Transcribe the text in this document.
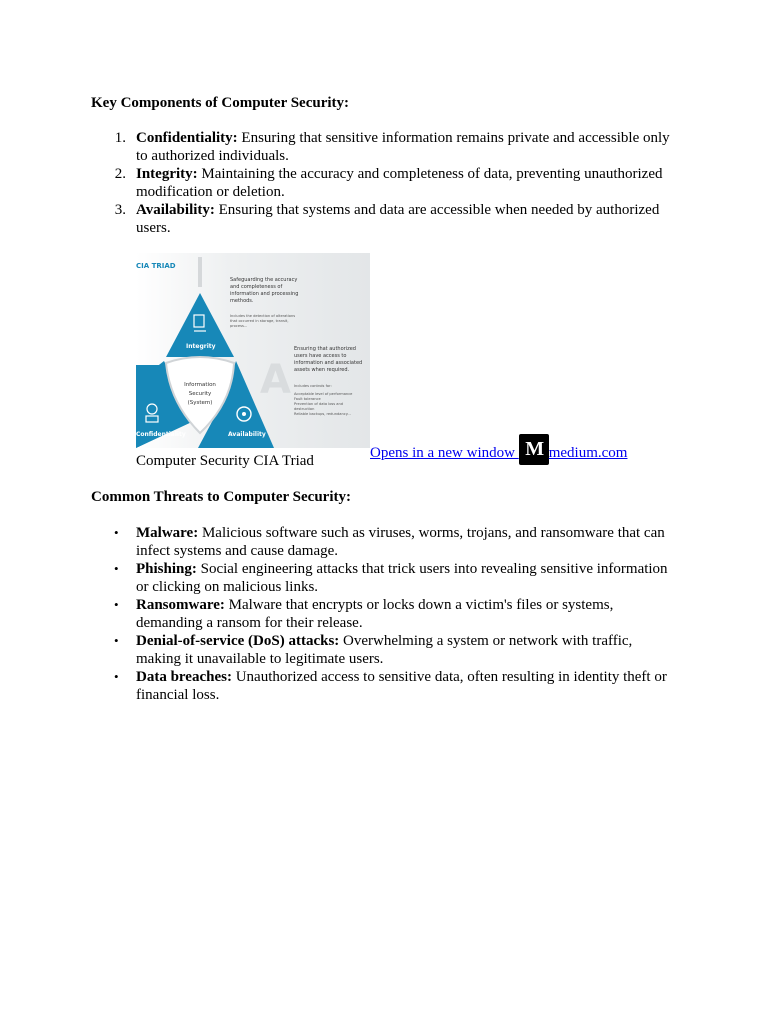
Key Components of Computer Security:
1. Confidentiality: Ensuring that sensitive information remains private and accessible only to authorized individuals.
2. Integrity: Maintaining the accuracy and completeness of data, preventing unauthorized modification or deletion.
3. Availability: Ensuring that systems and data are accessible when needed by authorized users.
A
CIA TRIAD
Integrity
Confidentiality	Availability
Information
Security
(System)
Safeguarding the accuracy
and completeness of
information and processing
methods.
Includes the detection of alterations
that occurred in storage, transit,
process...
Ensuring that authorized
users have access to
information and associated
assets when required.
Includes controls for:
Acceptable level of performance
Fault tolerance
Prevention of data loss and
destruction
Reliable backups, redundancy...
Opens in a new window M medium.com
Computer Security CIA Triad
Common Threats to Computer Security:
•	Malware: Malicious software such as viruses, worms, trojans, and ransomware that can infect systems and cause damage.
•	Phishing: Social engineering attacks that trick users into revealing sensitive information or clicking on malicious links.
•	Ransomware: Malware that encrypts or locks down a victim's files or systems, demanding a ransom for their release.
•	Denial-of-service (DoS) attacks: Overwhelming a system or network with traffic, making it unavailable to legitimate users.
•	Data breaches: Unauthorized access to sensitive data, often resulting in identity theft or financial loss.
